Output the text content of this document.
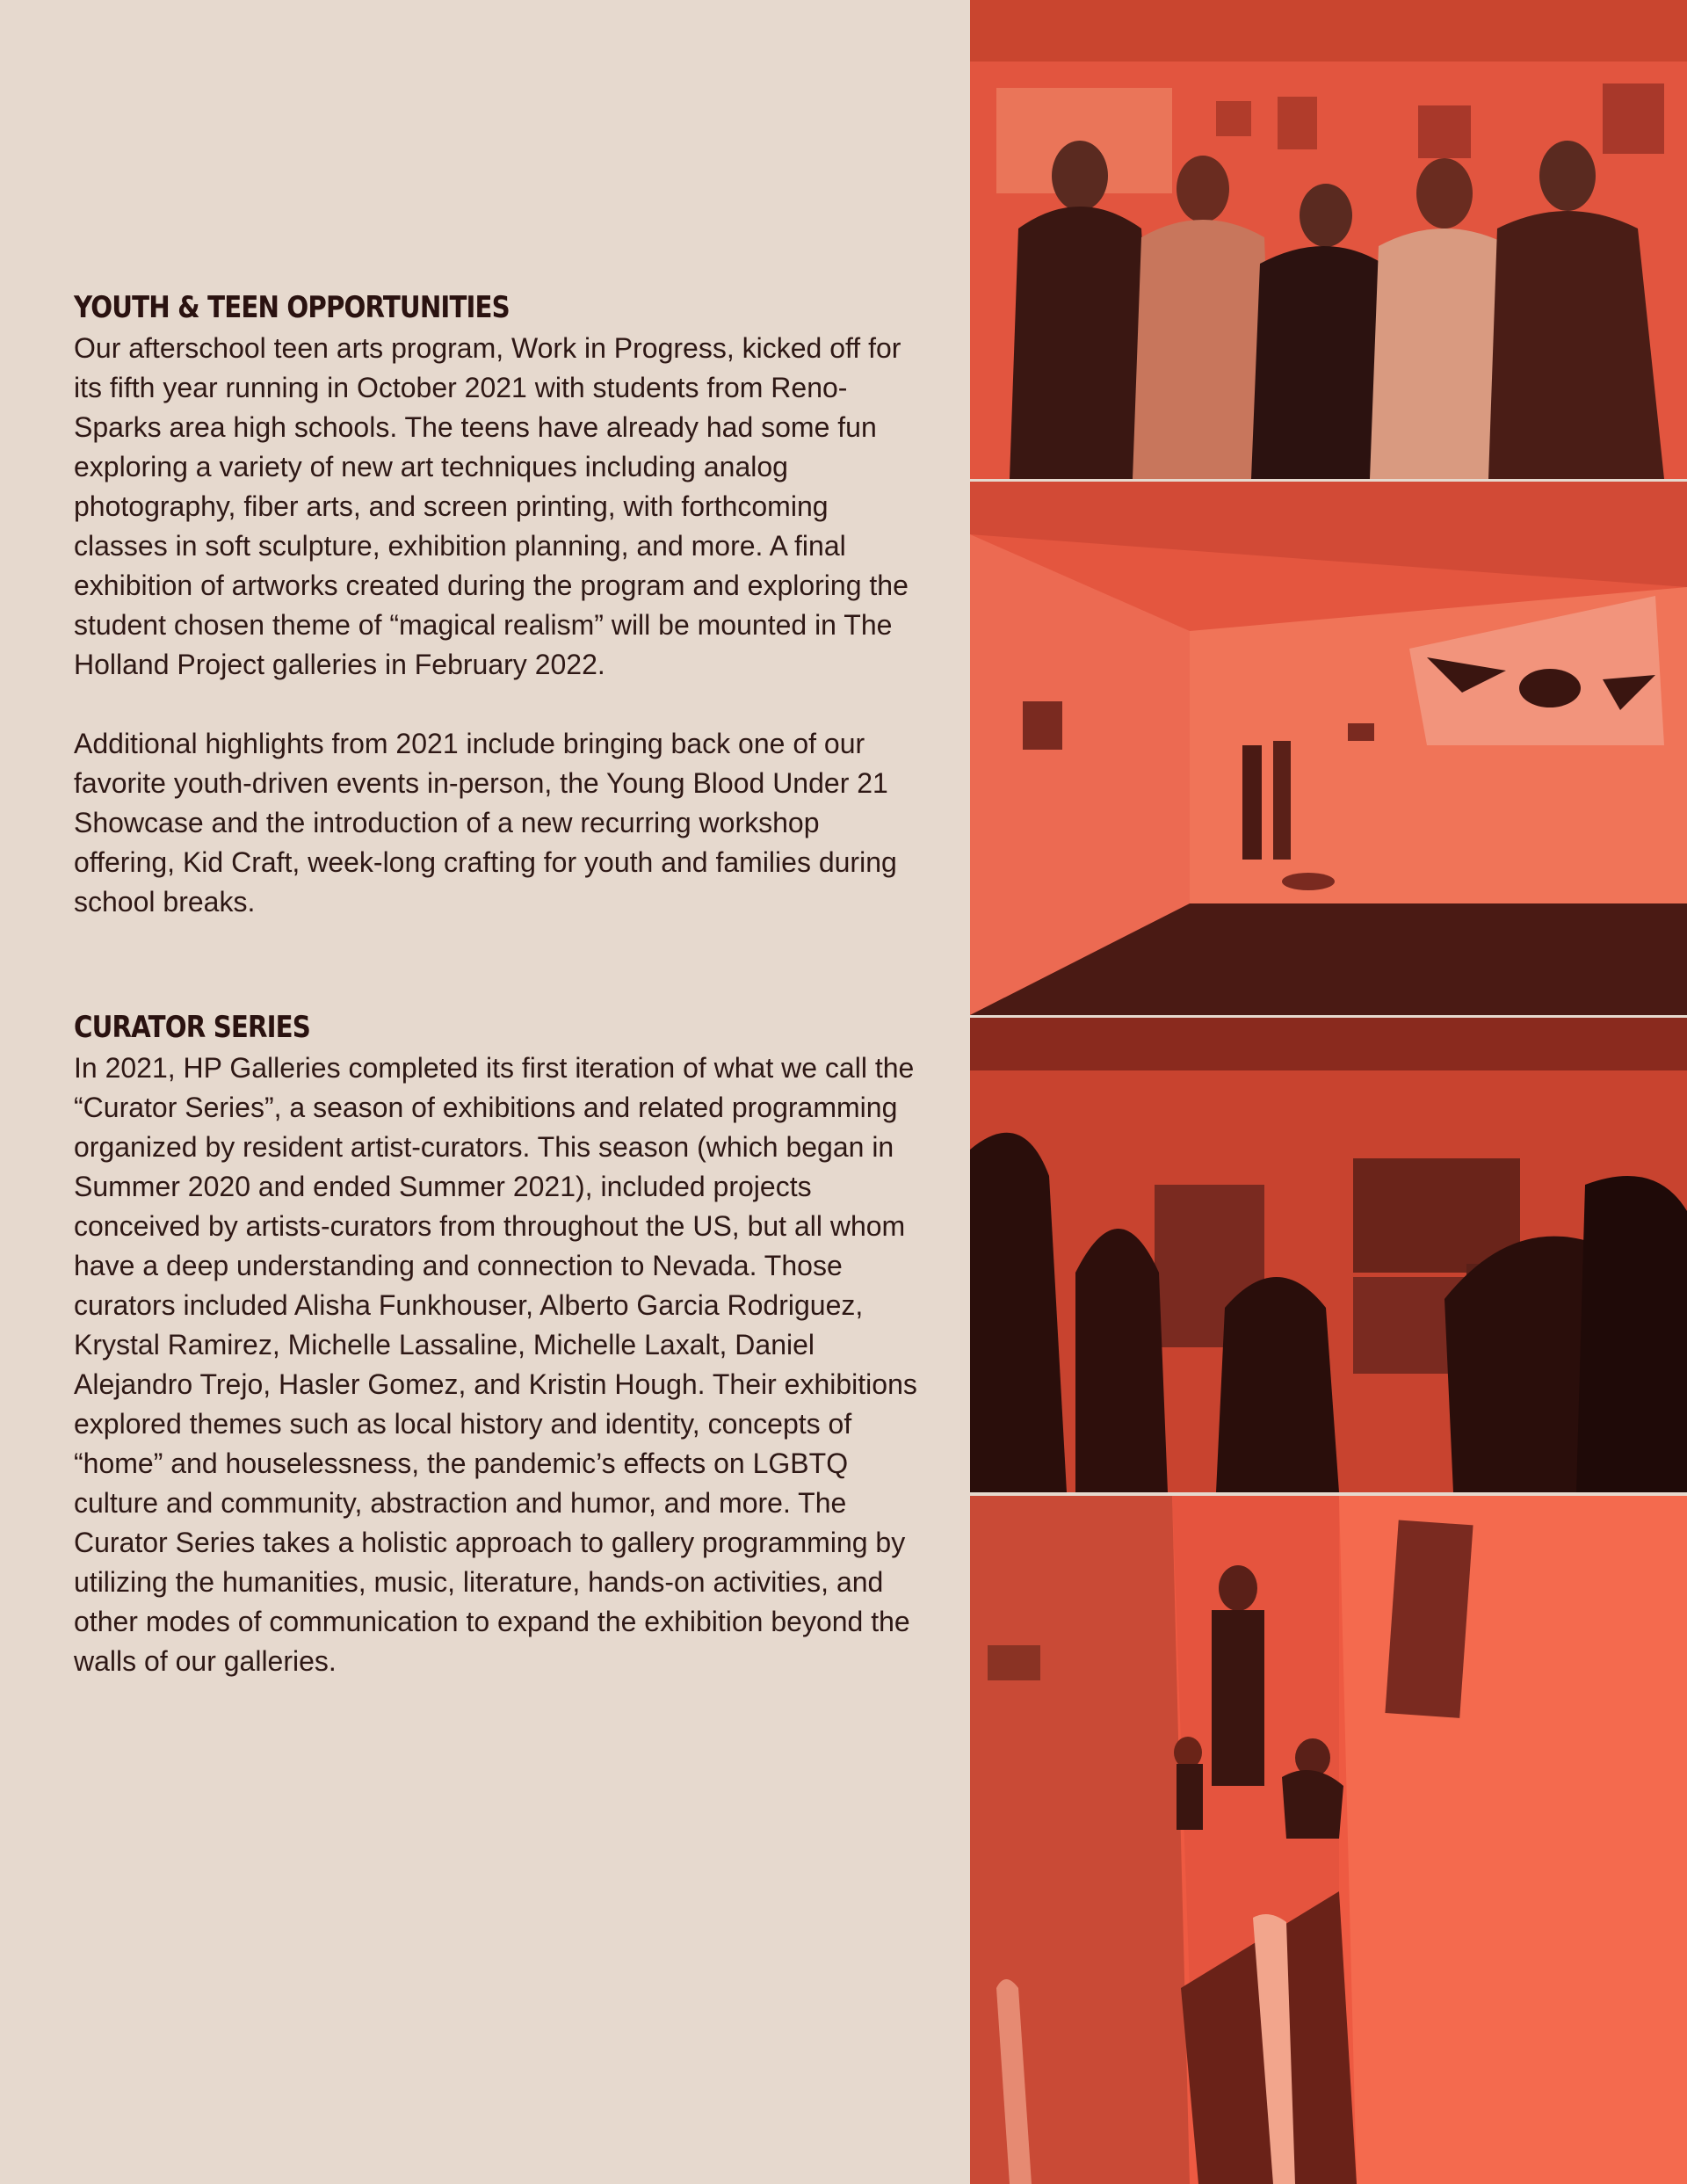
YOUTH & TEEN OPPORTUNITIES

Our afterschool teen arts program, Work in Progress, kicked off for its fifth year running in October 2021 with students from Reno-Sparks area high schools. The teens have already had some fun exploring a variety of new art techniques including analog photography, fiber arts, and screen printing, with forthcoming classes in soft sculpture, exhibition planning, and more. A final exhibition of artworks created during the program and exploring the student chosen theme of “magical realism” will be mounted in The Holland Project galleries in February 2022.

Additional highlights from 2021 include bringing back one of our favorite youth-driven events in-person, the Young Blood Under 21 Showcase and the introduction of a new recurring workshop offering, Kid Craft, week-long crafting for youth and families during school breaks.

CURATOR SERIES

In 2021, HP Galleries completed its first iteration of what we call the “Curator Series”, a season of exhibitions and related programming organized by resident artist-curators. This season (which began in Summer 2020 and ended Summer 2021), included projects conceived by artists-curators from throughout the US, but all whom have a deep understanding and connection to Nevada. Those curators included Alisha Funkhouser, Alberto Garcia Rodriguez, Krystal Ramirez, Michelle Lassaline, Michelle Laxalt, Daniel Alejandro Trejo, Hasler Gomez, and Kristin Hough. Their exhibitions explored themes such as local history and identity, concepts of “home” and houselessness, the pandemic’s effects on LGBTQ culture and community, abstraction and humor, and more. The Curator Series takes a holistic approach to gallery programming by utilizing the humanities, music, literature, hands-on activities, and other modes of communication to expand the exhibition beyond the walls of our galleries.
